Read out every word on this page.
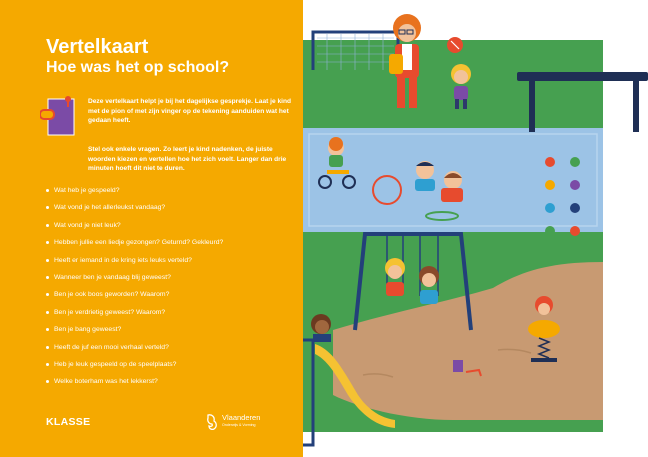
Vertelkaart
Hoe was het op school?

Deze vertelkaart helpt je bij het dagelijkse gesprekje. Laat je kind met de pion of met zijn vinger op de tekening aanduiden wat het gedaan heeft.

Stel ook enkele vragen. Zo leert je kind nadenken, de juiste woorden kiezen en vertellen hoe het zich voelt. Langer dan drie minuten hoeft dit niet te duren.

Wat heb je gespeeld?
Wat vond je het allerleukst vandaag?
Wat vond je niet leuk?
Hebben jullie een liedje gezongen? Geturnd? Gekleurd?
Heeft er iemand in de kring iets leuks verteld?
Wanneer ben je vandaag blij geweest?
Ben je ook boos geworden? Waarom?
Ben je verdrietig geweest? Waarom?
Ben je bang geweest?
Heeft de juf een mooi verhaal verteld?
Heb je leuk gespeeld op de speelplaats?
Welke boterham was het lekkerst?
KLASSE	Vlaanderen
Onderwijs & Vorming
